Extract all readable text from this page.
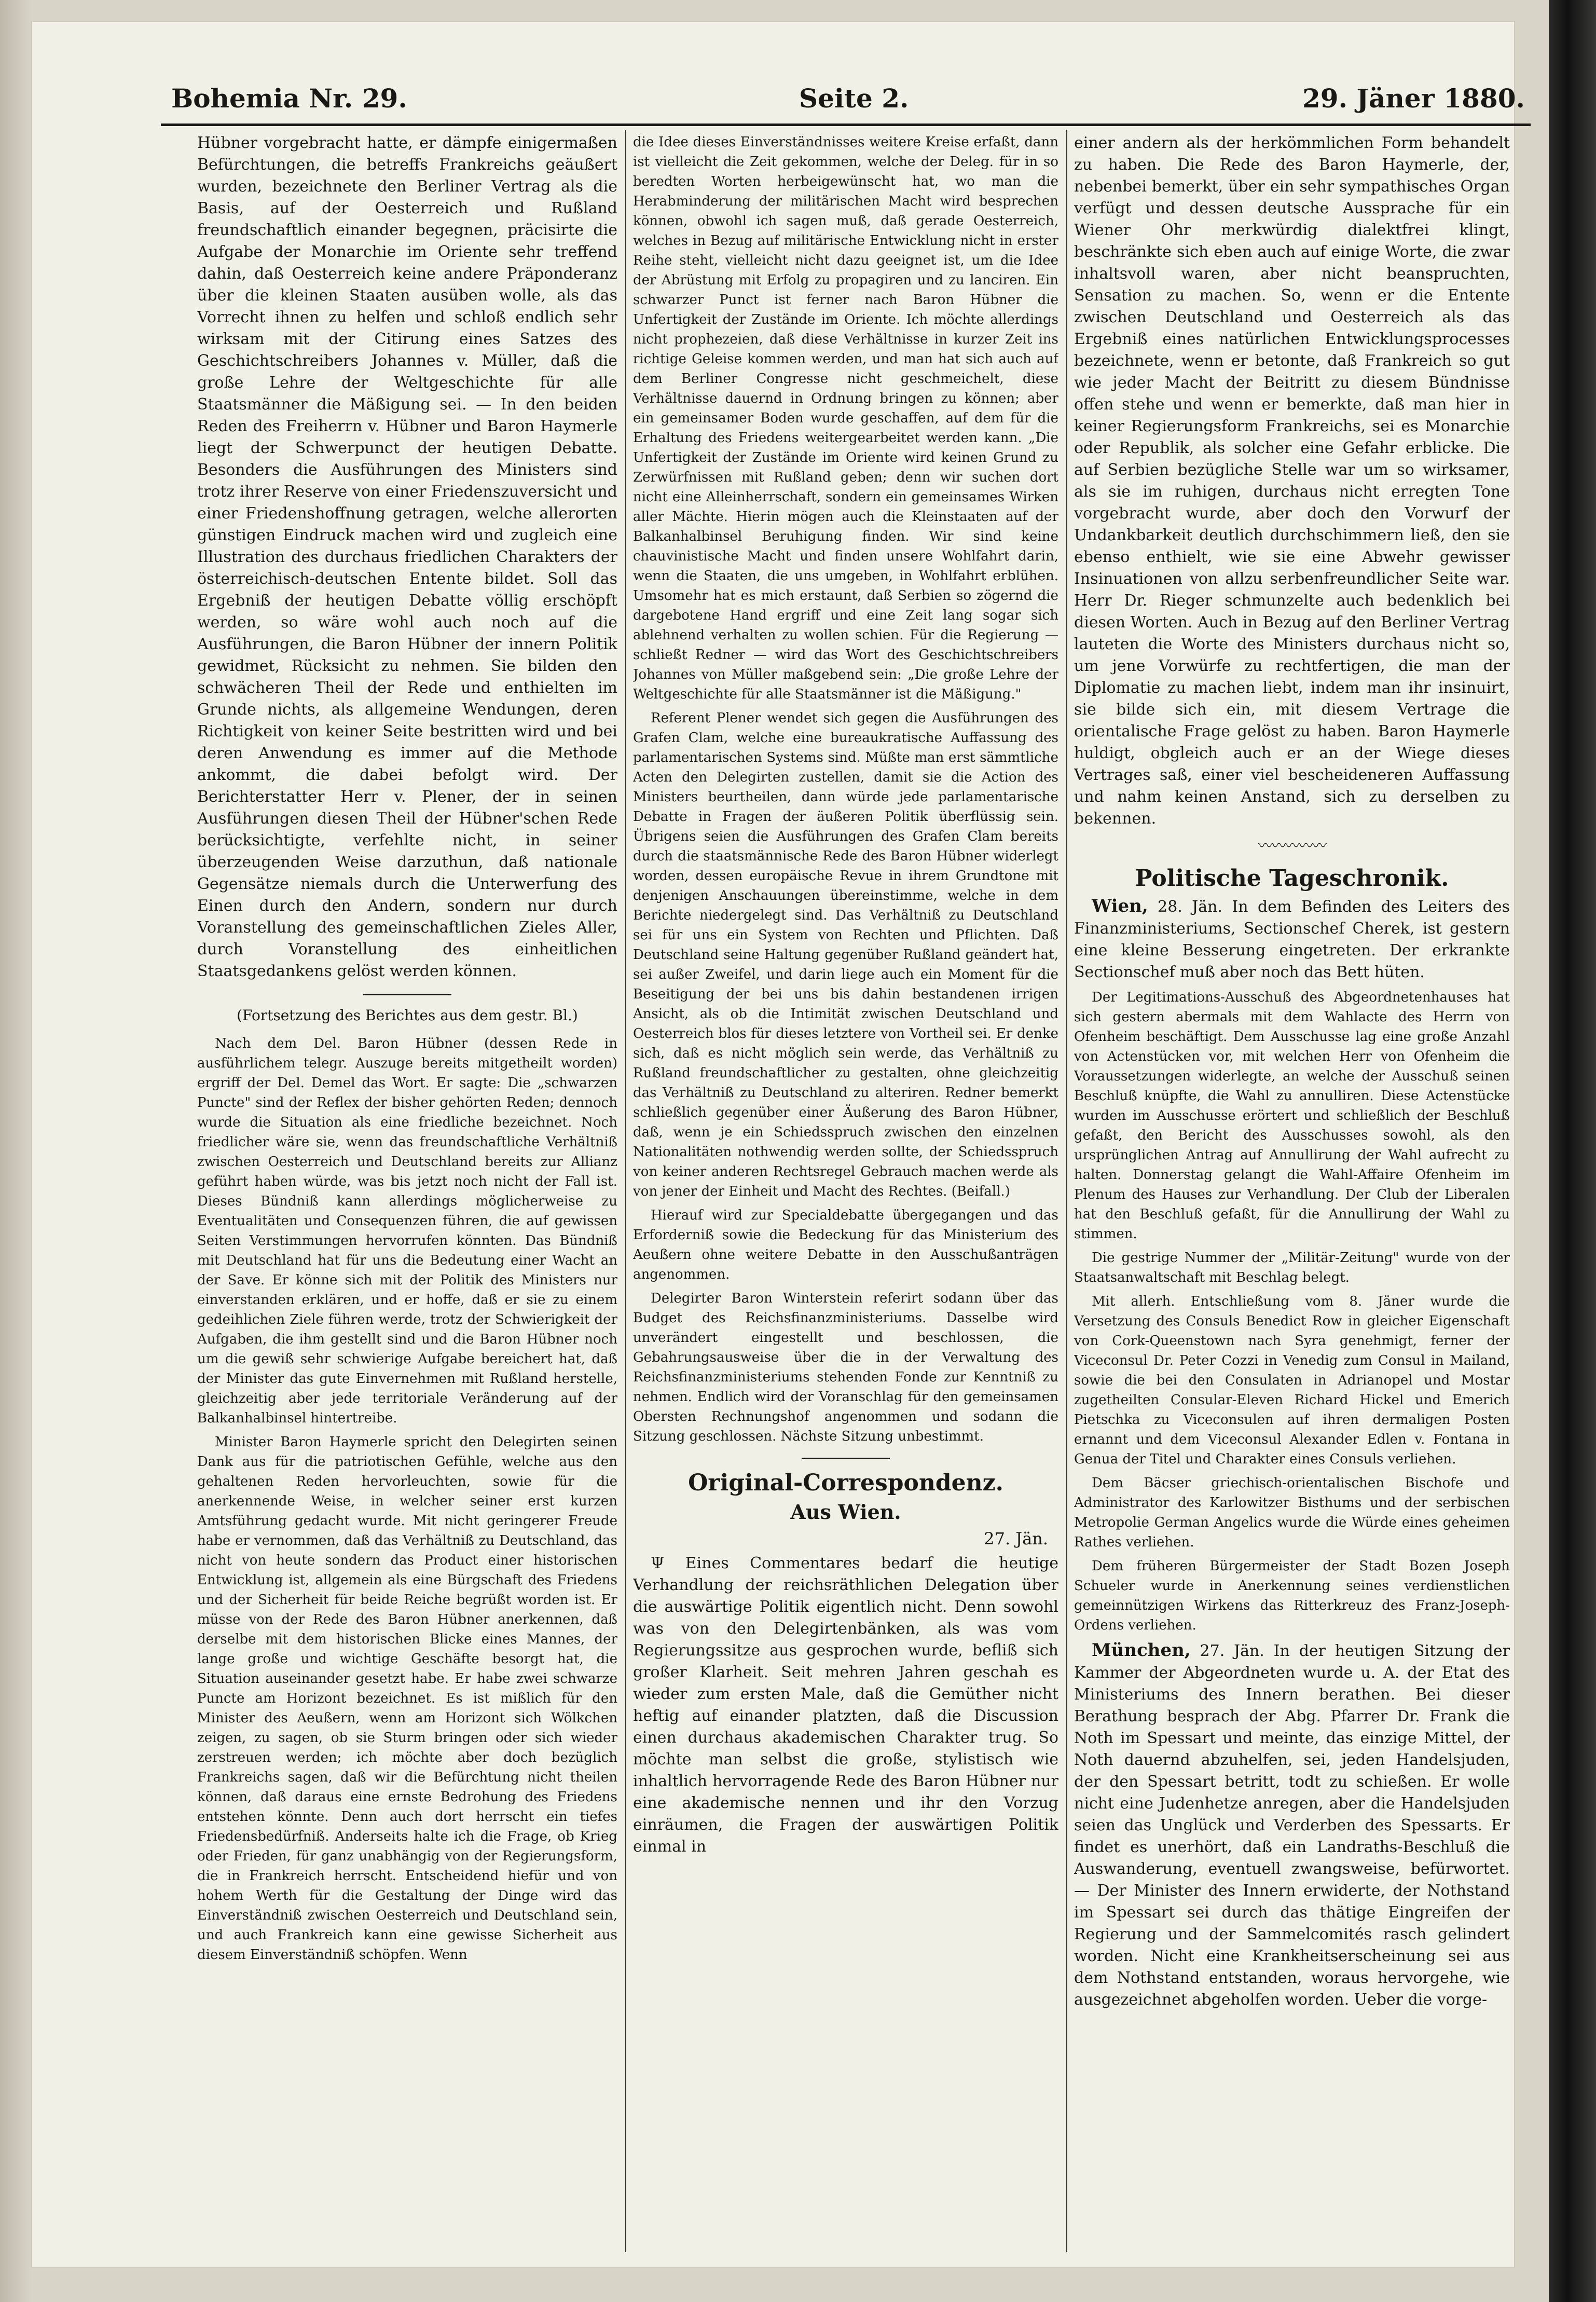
Bohemia Nr. 29.	Seite 2.	29. Jäner 1880.

Hübner vorgebracht hatte, er dämpfe einigermaßen Befürchtungen, die betreffs Frankreichs geäußert wurden, bezeichnete den Berliner Vertrag als die Basis, auf der Oesterreich und Rußland freundschaftlich einander begegnen, präcisirte die Aufgabe der Monarchie im Oriente sehr treffend dahin, daß Oesterreich keine andere Präponderanz über die kleinen Staaten ausüben wolle, als das Vorrecht ihnen zu helfen und schloß endlich sehr wirksam mit der Citirung eines Satzes des Geschichtschreibers Johannes v. Müller, daß die große Lehre der Weltgeschichte für alle Staatsmänner die Mäßigung sei. — In den beiden Reden des Freiherrn v. Hübner und Baron Haymerle liegt der Schwerpunct der heutigen Debatte. Besonders die Ausführungen des Ministers sind trotz ihrer Reserve von einer Friedenszuversicht und einer Friedenshoffnung getragen, welche allerorten günstigen Eindruck machen wird und zugleich eine Illustration des durchaus friedlichen Charakters der österreichisch-deutschen Entente bildet. Soll das Ergebniß der heutigen Debatte völlig erschöpft werden, so wäre wohl auch noch auf die Ausführungen, die Baron Hübner der innern Politik gewidmet, Rücksicht zu nehmen. Sie bilden den schwächeren Theil der Rede und enthielten im Grunde nichts, als allgemeine Wendungen, deren Richtigkeit von keiner Seite bestritten wird und bei deren Anwendung es immer auf die Methode ankommt, die dabei befolgt wird. Der Berichterstatter Herr v. Plener, der in seinen Ausführungen diesen Theil der Hübner'schen Rede berücksichtigte, verfehlte nicht, in seiner überzeugenden Weise darzuthun, daß nationale Gegensätze niemals durch die Unterwerfung des Einen durch den Andern, sondern nur durch Voranstellung des gemeinschaftlichen Zieles Aller, durch Voranstellung des einheitlichen Staatsgedankens gelöst werden können.

(Fortsetzung des Berichtes aus dem gestr. Bl.)

Nach dem Del. Baron Hübner (dessen Rede in ausführlichem telegr. Auszuge bereits mitgetheilt worden) ergriff der Del. Demel das Wort. Er sagte: Die „schwarzen Puncte" sind der Reflex der bisher gehörten Reden; dennoch wurde die Situation als eine friedliche bezeichnet. Noch friedlicher wäre sie, wenn das freundschaftliche Verhältniß zwischen Oesterreich und Deutschland bereits zur Allianz geführt haben würde, was bis jetzt noch nicht der Fall ist. Dieses Bündniß kann allerdings möglicherweise zu Eventualitäten und Consequenzen führen, die auf gewissen Seiten Verstimmungen hervorrufen könnten. Das Bündniß mit Deutschland hat für uns die Bedeutung einer Wacht an der Save. Er könne sich mit der Politik des Ministers nur einverstanden erklären, und er hoffe, daß er sie zu einem gedeihlichen Ziele führen werde, trotz der Schwierigkeit der Aufgaben, die ihm gestellt sind und die Baron Hübner noch um die gewiß sehr schwierige Aufgabe bereichert hat, daß der Minister das gute Einvernehmen mit Rußland herstelle, gleichzeitig aber jede territoriale Veränderung auf der Balkanhalbinsel hintertreibe.

Minister Baron Haymerle spricht den Delegirten seinen Dank aus für die patriotischen Gefühle, welche aus den gehaltenen Reden hervorleuchten, sowie für die anerkennende Weise, in welcher seiner erst kurzen Amtsführung gedacht wurde. Mit nicht geringerer Freude habe er vernommen, daß das Verhältniß zu Deutschland, das nicht von heute sondern das Product einer historischen Entwicklung ist, allgemein als eine Bürgschaft des Friedens und der Sicherheit für beide Reiche begrüßt worden ist. Er müsse von der Rede des Baron Hübner anerkennen, daß derselbe mit dem historischen Blicke eines Mannes, der lange große und wichtige Geschäfte besorgt hat, die Situation auseinander gesetzt habe. Er habe zwei schwarze Puncte am Horizont bezeichnet. Es ist mißlich für den Minister des Aeußern, wenn am Horizont sich Wölkchen zeigen, zu sagen, ob sie Sturm bringen oder sich wieder zerstreuen werden; ich möchte aber doch bezüglich Frankreichs sagen, daß wir die Befürchtung nicht theilen können, daß daraus eine ernste Bedrohung des Friedens entstehen könnte. Denn auch dort herrscht ein tiefes Friedensbedürfniß. Anderseits halte ich die Frage, ob Krieg oder Frieden, für ganz unabhängig von der Regierungsform, die in Frankreich herrscht. Entscheidend hiefür und von hohem Werth für die Gestaltung der Dinge wird das Einverständniß zwischen Oesterreich und Deutschland sein, und auch Frankreich kann eine gewisse Sicherheit aus diesem Einverständniß schöpfen. Wenn

die Idee dieses Einverständnisses weitere Kreise erfaßt, dann ist vielleicht die Zeit gekommen, welche der Deleg. für in so beredten Worten herbeigewünscht hat, wo man die Herabminderung der militärischen Macht wird besprechen können, obwohl ich sagen muß, daß gerade Oesterreich, welches in Bezug auf militärische Entwicklung nicht in erster Reihe steht, vielleicht nicht dazu geeignet ist, um die Idee der Abrüstung mit Erfolg zu propagiren und zu lanciren. Ein schwarzer Punct ist ferner nach Baron Hübner die Unfertigkeit der Zustände im Oriente. Ich möchte allerdings nicht prophezeien, daß diese Verhältnisse in kurzer Zeit ins richtige Geleise kommen werden, und man hat sich auch auf dem Berliner Congresse nicht geschmeichelt, diese Verhältnisse dauernd in Ordnung bringen zu können; aber ein gemeinsamer Boden wurde geschaffen, auf dem für die Erhaltung des Friedens weitergearbeitet werden kann. „Die Unfertigkeit der Zustände im Oriente wird keinen Grund zu Zerwürfnissen mit Rußland geben; denn wir suchen dort nicht eine Alleinherrschaft, sondern ein gemeinsames Wirken aller Mächte. Hierin mögen auch die Kleinstaaten auf der Balkanhalbinsel Beruhigung finden. Wir sind keine chauvinistische Macht und finden unsere Wohlfahrt darin, wenn die Staaten, die uns umgeben, in Wohlfahrt erblühen. Umsomehr hat es mich erstaunt, daß Serbien so zögernd die dargebotene Hand ergriff und eine Zeit lang sogar sich ablehnend verhalten zu wollen schien. Für die Regierung — schließt Redner — wird das Wort des Geschichtschreibers Johannes von Müller maßgebend sein: „Die große Lehre der Weltgeschichte für alle Staatsmänner ist die Mäßigung."

Referent Plener wendet sich gegen die Ausführungen des Grafen Clam, welche eine bureaukratische Auffassung des parlamentarischen Systems sind. Müßte man erst sämmtliche Acten den Delegirten zustellen, damit sie die Action des Ministers beurtheilen, dann würde jede parlamentarische Debatte in Fragen der äußeren Politik überflüssig sein. Übrigens seien die Ausführungen des Grafen Clam bereits durch die staatsmännische Rede des Baron Hübner widerlegt worden, dessen europäische Revue in ihrem Grundtone mit denjenigen Anschauungen übereinstimme, welche in dem Berichte niedergelegt sind. Das Verhältniß zu Deutschland sei für uns ein System von Rechten und Pflichten. Daß Deutschland seine Haltung gegenüber Rußland geändert hat, sei außer Zweifel, und darin liege auch ein Moment für die Beseitigung der bei uns bis dahin bestandenen irrigen Ansicht, als ob die Intimität zwischen Deutschland und Oesterreich blos für dieses letztere von Vortheil sei. Er denke sich, daß es nicht möglich sein werde, das Verhältniß zu Rußland freundschaftlicher zu gestalten, ohne gleichzeitig das Verhältniß zu Deutschland zu alteriren. Redner bemerkt schließlich gegenüber einer Äußerung des Baron Hübner, daß, wenn je ein Schiedsspruch zwischen den einzelnen Nationalitäten nothwendig werden sollte, der Schiedsspruch von keiner anderen Rechtsregel Gebrauch machen werde als von jener der Einheit und Macht des Rechtes. (Beifall.)

Hierauf wird zur Specialdebatte übergegangen und das Erforderniß sowie die Bedeckung für das Ministerium des Aeußern ohne weitere Debatte in den Ausschußanträgen angenommen.

Delegirter Baron Winterstein referirt sodann über das Budget des Reichsfinanzministeriums. Dasselbe wird unverändert eingestellt und beschlossen, die Gebahrungsausweise über die in der Verwaltung des Reichsfinanzministeriums stehenden Fonde zur Kenntniß zu nehmen. Endlich wird der Voranschlag für den gemeinsamen Obersten Rechnungshof angenommen und sodann die Sitzung geschlossen. Nächste Sitzung unbestimmt.

Original-Correspondenz.
Aus Wien.
27. Jän.

Ψ Eines Commentares bedarf die heutige Verhandlung der reichsräthlichen Delegation über die auswärtige Politik eigentlich nicht. Denn sowohl was von den Delegirtenbänken, als was vom Regierungssitze aus gesprochen wurde, befliß sich großer Klarheit. Seit mehren Jahren geschah es wieder zum ersten Male, daß die Gemüther nicht heftig auf einander platzten, daß die Discussion einen durchaus akademischen Charakter trug. So möchte man selbst die große, stylistisch wie inhaltlich hervorragende Rede des Baron Hübner nur eine akademische nennen und ihr den Vorzug einräumen, die Fragen der auswärtigen Politik einmal in

einer andern als der herkömmlichen Form behandelt zu haben. Die Rede des Baron Haymerle, der, nebenbei bemerkt, über ein sehr sympathisches Organ verfügt und dessen deutsche Aussprache für ein Wiener Ohr merkwürdig dialektfrei klingt, beschränkte sich eben auch auf einige Worte, die zwar inhaltsvoll waren, aber nicht beanspruchten, Sensation zu machen. So, wenn er die Entente zwischen Deutschland und Oesterreich als das Ergebniß eines natürlichen Entwicklungsprocesses bezeichnete, wenn er betonte, daß Frankreich so gut wie jeder Macht der Beitritt zu diesem Bündnisse offen stehe und wenn er bemerkte, daß man hier in keiner Regierungsform Frankreichs, sei es Monarchie oder Republik, als solcher eine Gefahr erblicke. Die auf Serbien bezügliche Stelle war um so wirksamer, als sie im ruhigen, durchaus nicht erregten Tone vorgebracht wurde, aber doch den Vorwurf der Undankbarkeit deutlich durchschimmern ließ, den sie ebenso enthielt, wie sie eine Abwehr gewisser Insinuationen von allzu serbenfreundlicher Seite war. Herr Dr. Rieger schmunzelte auch bedenklich bei diesen Worten. Auch in Bezug auf den Berliner Vertrag lauteten die Worte des Ministers durchaus nicht so, um jene Vorwürfe zu rechtfertigen, die man der Diplomatie zu machen liebt, indem man ihr insinuirt, sie bilde sich ein, mit diesem Vertrage die orientalische Frage gelöst zu haben. Baron Haymerle huldigt, obgleich auch er an der Wiege dieses Vertrages saß, einer viel bescheideneren Auffassung und nahm keinen Anstand, sich zu derselben zu bekennen.

〰〰〰〰〰
Politische Tageschronik.

Wien, 28. Jän. In dem Befinden des Leiters des Finanzministeriums, Sectionschef Cherek, ist gestern eine kleine Besserung eingetreten. Der erkrankte Sectionschef muß aber noch das Bett hüten.

Der Legitimations-Ausschuß des Abgeordnetenhauses hat sich gestern abermals mit dem Wahlacte des Herrn von Ofenheim beschäftigt. Dem Ausschusse lag eine große Anzahl von Actenstücken vor, mit welchen Herr von Ofenheim die Voraussetzungen widerlegte, an welche der Ausschuß seinen Beschluß knüpfte, die Wahl zu annulliren. Diese Actenstücke wurden im Ausschusse erörtert und schließlich der Beschluß gefaßt, den Bericht des Ausschusses sowohl, als den ursprünglichen Antrag auf Annullirung der Wahl aufrecht zu halten. Donnerstag gelangt die Wahl-Affaire Ofenheim im Plenum des Hauses zur Verhandlung. Der Club der Liberalen hat den Beschluß gefaßt, für die Annullirung der Wahl zu stimmen.

Die gestrige Nummer der „Militär-Zeitung" wurde von der Staatsanwaltschaft mit Beschlag belegt.

Mit allerh. Entschließung vom 8. Jäner wurde die Versetzung des Consuls Benedict Row in gleicher Eigenschaft von Cork-Queenstown nach Syra genehmigt, ferner der Viceconsul Dr. Peter Cozzi in Venedig zum Consul in Mailand, sowie die bei den Consulaten in Adrianopel und Mostar zugetheilten Consular-Eleven Richard Hickel und Emerich Pietschka zu Viceconsulen auf ihren dermaligen Posten ernannt und dem Viceconsul Alexander Edlen v. Fontana in Genua der Titel und Charakter eines Consuls verliehen.

Dem Bäcser griechisch-orientalischen Bischofe und Administrator des Karlowitzer Bisthums und der serbischen Metropolie German Angelics wurde die Würde eines geheimen Rathes verliehen.

Dem früheren Bürgermeister der Stadt Bozen Joseph Schueler wurde in Anerkennung seines verdienstlichen gemeinnützigen Wirkens das Ritterkreuz des Franz-Joseph-Ordens verliehen.

München, 27. Jän. In der heutigen Sitzung der Kammer der Abgeordneten wurde u. A. der Etat des Ministeriums des Innern berathen. Bei dieser Berathung besprach der Abg. Pfarrer Dr. Frank die Noth im Spessart und meinte, das einzige Mittel, der Noth dauernd abzuhelfen, sei, jeden Handelsjuden, der den Spessart betritt, todt zu schießen. Er wolle nicht eine Judenhetze anregen, aber die Handelsjuden seien das Unglück und Verderben des Spessarts. Er findet es unerhört, daß ein Landraths-Beschluß die Auswanderung, eventuell zwangsweise, befürwortet. — Der Minister des Innern erwiderte, der Nothstand im Spessart sei durch das thätige Eingreifen der Regierung und der Sammelcomités rasch gelindert worden. Nicht eine Krankheitserscheinung sei aus dem Nothstand entstanden, woraus hervorgehe, wie ausgezeichnet abgeholfen worden. Ueber die vorge-
